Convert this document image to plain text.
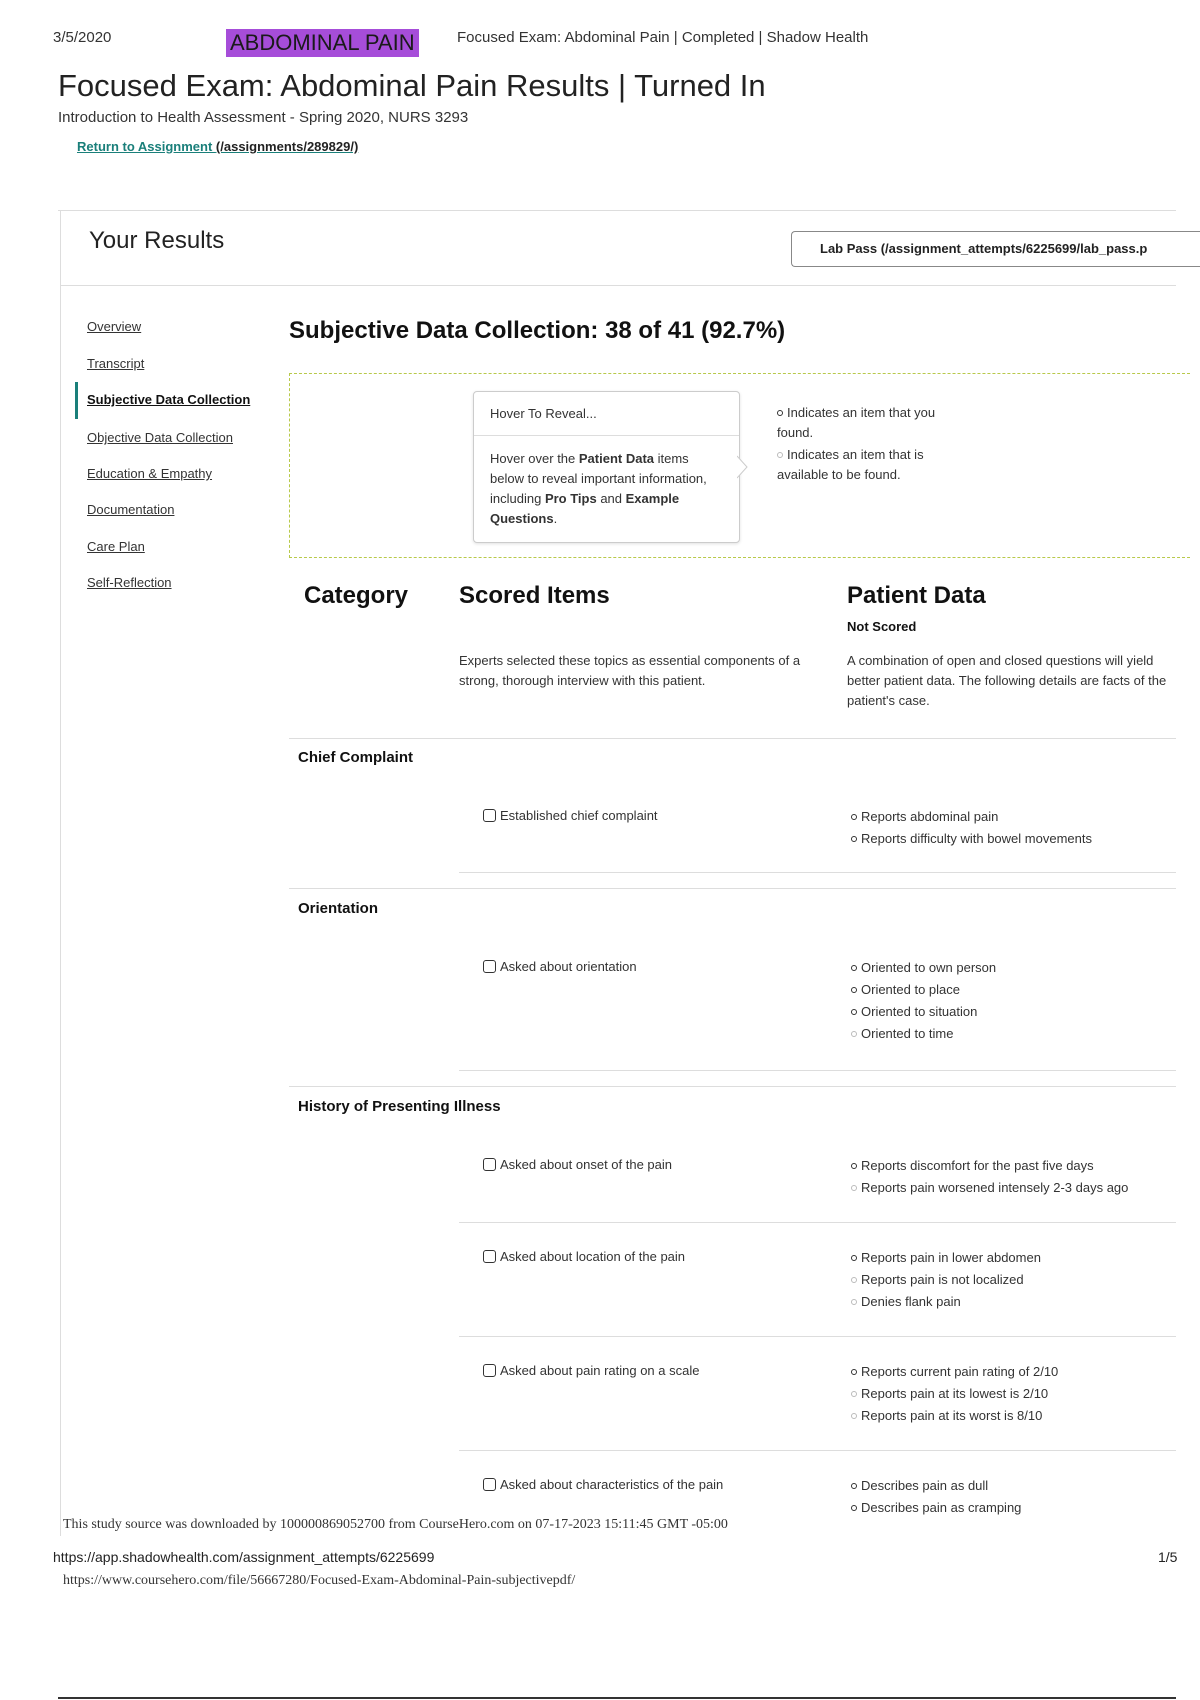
3/5/2020	ABDOMINAL PAIN	Focused Exam: Abdominal Pain | Completed | Shadow Health
Focused Exam: Abdominal Pain Results | Turned In
Introduction to Health Assessment - Spring 2020, NURS 3293
Return to Assignment (/assignments/289829/)
Your Results	Lab Pass (/assignment_attempts/6225699/lab_pass.p
Overview
Transcript
Subjective Data Collection
Objective Data Collection
Education & Empathy
Documentation
Care Plan
Self-Reflection
Subjective Data Collection: 38 of 41 (92.7%)
Hover To Reveal...
Hover over the Patient Data items below to reveal important information, including Pro Tips and Example Questions.
Indicates an item that you found.
Indicates an item that is available to be found.
Category Scored Items	Patient Data
Not Scored
Experts selected these topics as essential components of a strong, thorough interview with this patient.
A combination of open and closed questions will yield better patient data. The following details are facts of the patient's case.
Chief Complaint
Established chief complaint	Reports abdominal pain
Reports difficulty with bowel movements
Orientation
Asked about orientation	Oriented to own person
Oriented to place
Oriented to situation
Oriented to time
History of Presenting Illness
Asked about onset of the pain	Reports discomfort for the past five days
Reports pain worsened intensely 2-3 days ago
Asked about location of the pain	Reports pain in lower abdomen
Reports pain is not localized
Denies flank pain
Asked about pain rating on a scale	Reports current pain rating of 2/10
Reports pain at its lowest is 2/10
Reports pain at its worst is 8/10
Asked about characteristics of the pain	Describes pain as dull
Describes pain as cramping
This study source was downloaded by 100000869052700 from CourseHero.com on 07-17-2023 15:11:45 GMT -05:00
https://app.shadowhealth.com/assignment_attempts/6225699	1/5
https://www.coursehero.com/file/56667280/Focused-Exam-Abdominal-Pain-subjectivepdf/
